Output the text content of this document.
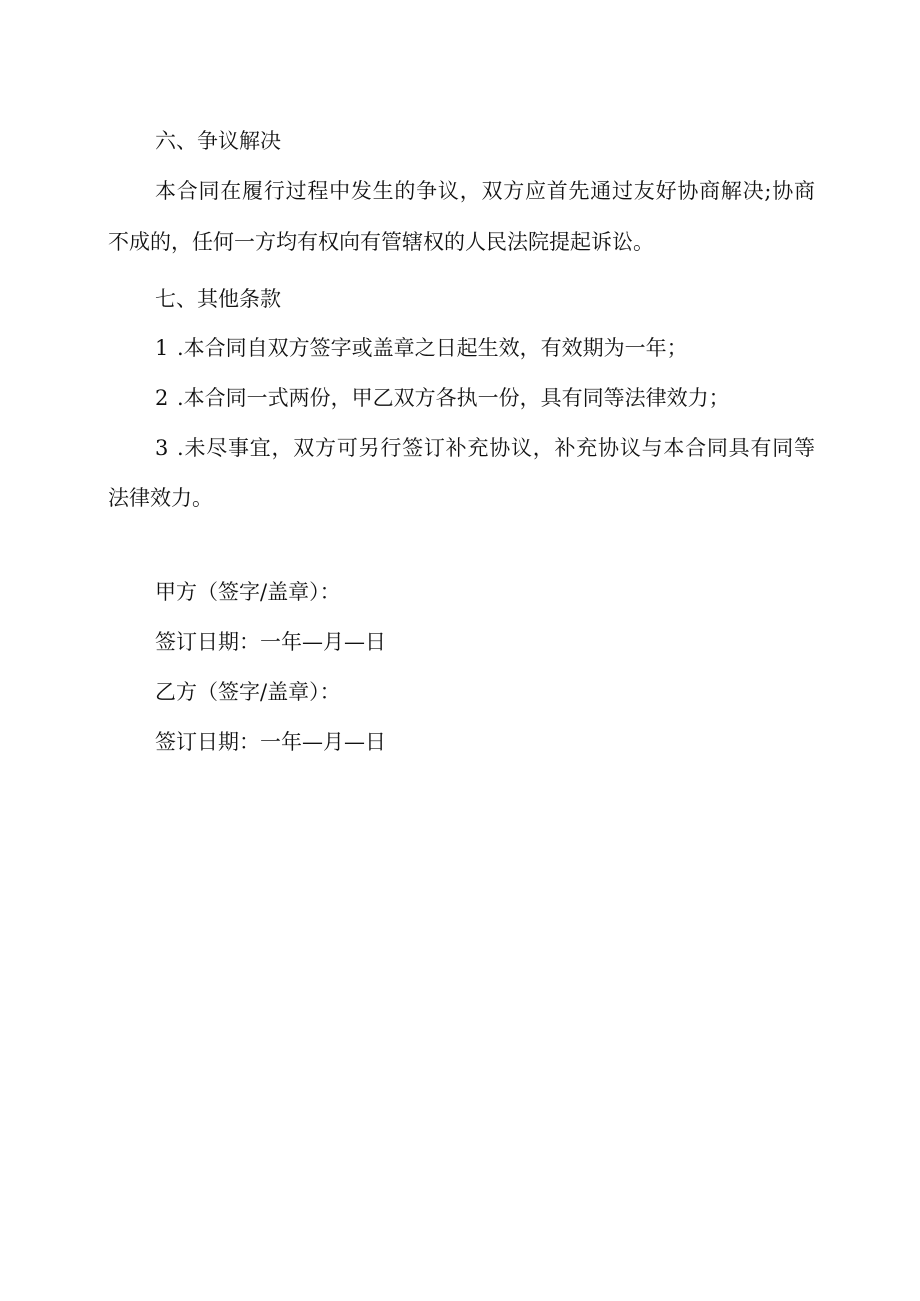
六、争议解决
本合同在履行过程中发生的争议，双方应首先通过友好协商解决;协商
不成的，任何一方均有权向有管辖权的人民法院提起诉讼。
七、其他条款
1 .本合同自双方签字或盖章之日起生效，有效期为一年；
2 .本合同一式两份，甲乙双方各执一份，具有同等法律效力；
3 .未尽事宜，双方可另行签订补充协议，补充协议与本合同具有同等
法律效力。
甲方（签字/盖章）：
签订日期：一年—月—日
乙方（签字/盖章）：
签订日期：一年—月—日
